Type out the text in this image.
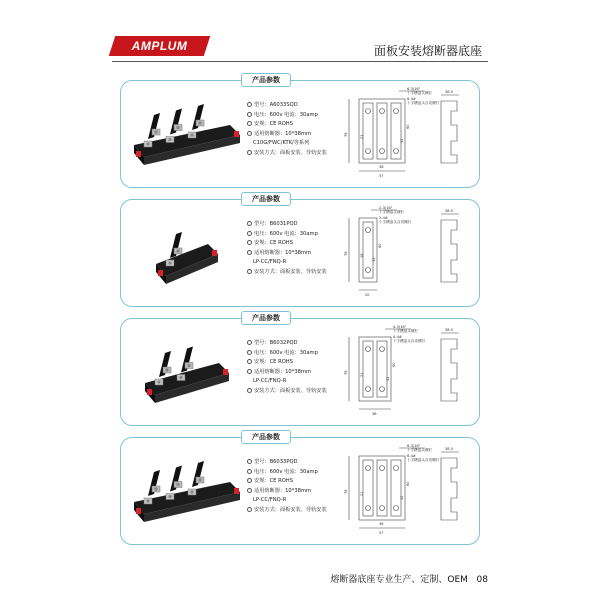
AMPLUM	面板安装熔断器底座
产品参数
型号：A6033SQD
电压：600v 电流：30amp
安规：CE ROHS
适用熔断器：10*38mm
C10G/FWC/KTK/等系列
安装方式：面板安装、导轨安装
6-3/16"
十字槽盘头螺钉
6-4#
十字槽盘头自攻螺钉
38.5
78
60
32
21
38
57
产品参数
型号：B6031PQD
电压：600v 电流：30amp
安规：CE ROHS
适用熔断器：10*38mm
LP-CC/FNQ-R
安装方式：面板安装、导轨安装
2-3/16"
十字槽盘头螺钉
2-4#
十字槽盘头自攻螺钉
38.5
78
60
32
18
20
产品参数
型号：B6032PQD
电压：600v 电流：30amp
安规：CE ROHS
适用熔断器：10*38mm
LP-CC/FNQ-R
安装方式：面板安装、导轨安装
4-3/16"
十字槽盘头螺钉
4-4#
十字槽盘头自攻螺钉
38.5
78
60
32
21
38
产品参数
型号：B6033PQD
电压：600v 电流：30amp
安规：CE ROHS
适用熔断器：10*38mm
LP-CC/FNQ-R
安装方式：面板安装、导轨安装
6-3/16"
十字槽盘头螺钉
6-4#
十字槽盘头自攻螺钉
38.5
78
60
32
21
38
57
熔断器底座专业生产、定制、OEM 08
